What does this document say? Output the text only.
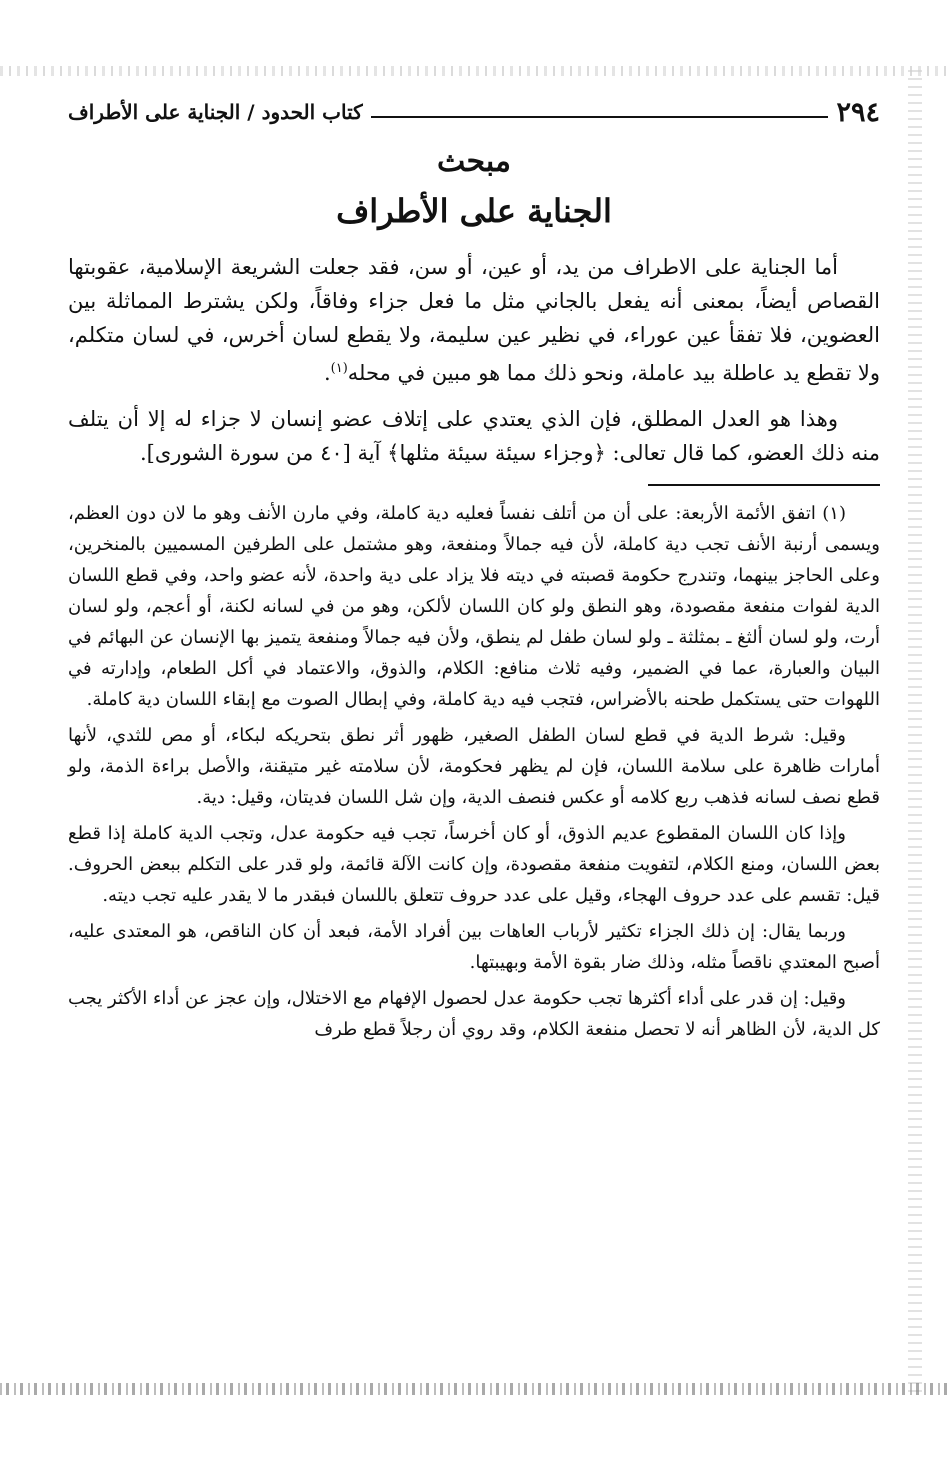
٢٩٤
كتاب الحدود / الجناية على الأطراف
مبحث
الجناية على الأطراف

أما الجناية على الاطراف من يد، أو عين، أو سن، فقد جعلت الشريعة الإسلامية، عقوبتها القصاص أيضاً، بمعنى أنه يفعل بالجاني مثل ما فعل جزاء وفاقاً، ولكن يشترط المماثلة بين العضوين، فلا تفقأ عين عوراء، في نظير عين سليمة، ولا يقطع لسان أخرس، في لسان متكلم، ولا تقطع يد عاطلة بيد عاملة، ونحو ذلك مما هو مبين في محله$^{(١)}$.

وهذا هو العدل المطلق، فإن الذي يعتدي على إتلاف عضو إنسان لا جزاء له إلا أن يتلف منه ذلك العضو، كما قال تعالى: ﴿وجزاء سيئة سيئة مثلها﴾ آية [٤٠ من سورة الشورى].

(١) اتفق الأئمة الأربعة: على أن من أتلف نفساً فعليه دية كاملة، وفي مارن الأنف وهو ما لان دون العظم، ويسمى أرنبة الأنف تجب دية كاملة، لأن فيه جمالاً ومنفعة، وهو مشتمل على الطرفين المسميين بالمنخرين، وعلى الحاجز بينهما، وتندرج حكومة قصبته في ديته فلا يزاد على دية واحدة، لأنه عضو واحد، وفي قطع اللسان الدية لفوات منفعة مقصودة، وهو النطق ولو كان اللسان لألكن، وهو من في لسانه لكنة، أو أعجم، ولو لسان أرت، ولو لسان ألثغ ـ بمثلثة ـ ولو لسان طفل لم ينطق، ولأن فيه جمالاً ومنفعة يتميز بها الإنسان عن البهائم في البيان والعبارة، عما في الضمير، وفيه ثلاث منافع: الكلام، والذوق، والاعتماد في أكل الطعام، وإدارته في اللهوات حتى يستكمل طحنه بالأضراس، فتجب فيه دية كاملة، وفي إبطال الصوت مع إبقاء اللسان دية كاملة.

وقيل: شرط الدية في قطع لسان الطفل الصغير، ظهور أثر نطق بتحريكه لبكاء، أو مص للثدي، لأنها أمارات ظاهرة على سلامة اللسان، فإن لم يظهر فحكومة، لأن سلامته غير متيقنة، والأصل براءة الذمة، ولو قطع نصف لسانه فذهب ربع كلامه أو عكس فنصف الدية، وإن شل اللسان فديتان، وقيل: دية.

وإذا كان اللسان المقطوع عديم الذوق، أو كان أخرساً، تجب فيه حكومة عدل، وتجب الدية كاملة إذا قطع بعض اللسان، ومنع الكلام، لتفويت منفعة مقصودة، وإن كانت الآلة قائمة، ولو قدر على التكلم ببعض الحروف. قيل: تقسم على عدد حروف الهجاء، وقيل على عدد حروف تتعلق باللسان فبقدر ما لا يقدر عليه تجب ديته.

وربما يقال: إن ذلك الجزاء تكثير لأرباب العاهات بين أفراد الأمة، فبعد أن كان الناقص، هو المعتدى عليه، أصبح المعتدي ناقصاً مثله، وذلك ضار بقوة الأمة وبهيبتها.

وقيل: إن قدر على أداء أكثرها تجب حكومة عدل لحصول الإفهام مع الاختلال، وإن عجز عن أداء الأكثر يجب كل الدية، لأن الظاهر أنه لا تحصل منفعة الكلام، وقد روي أن رجلاً قطع طرف
